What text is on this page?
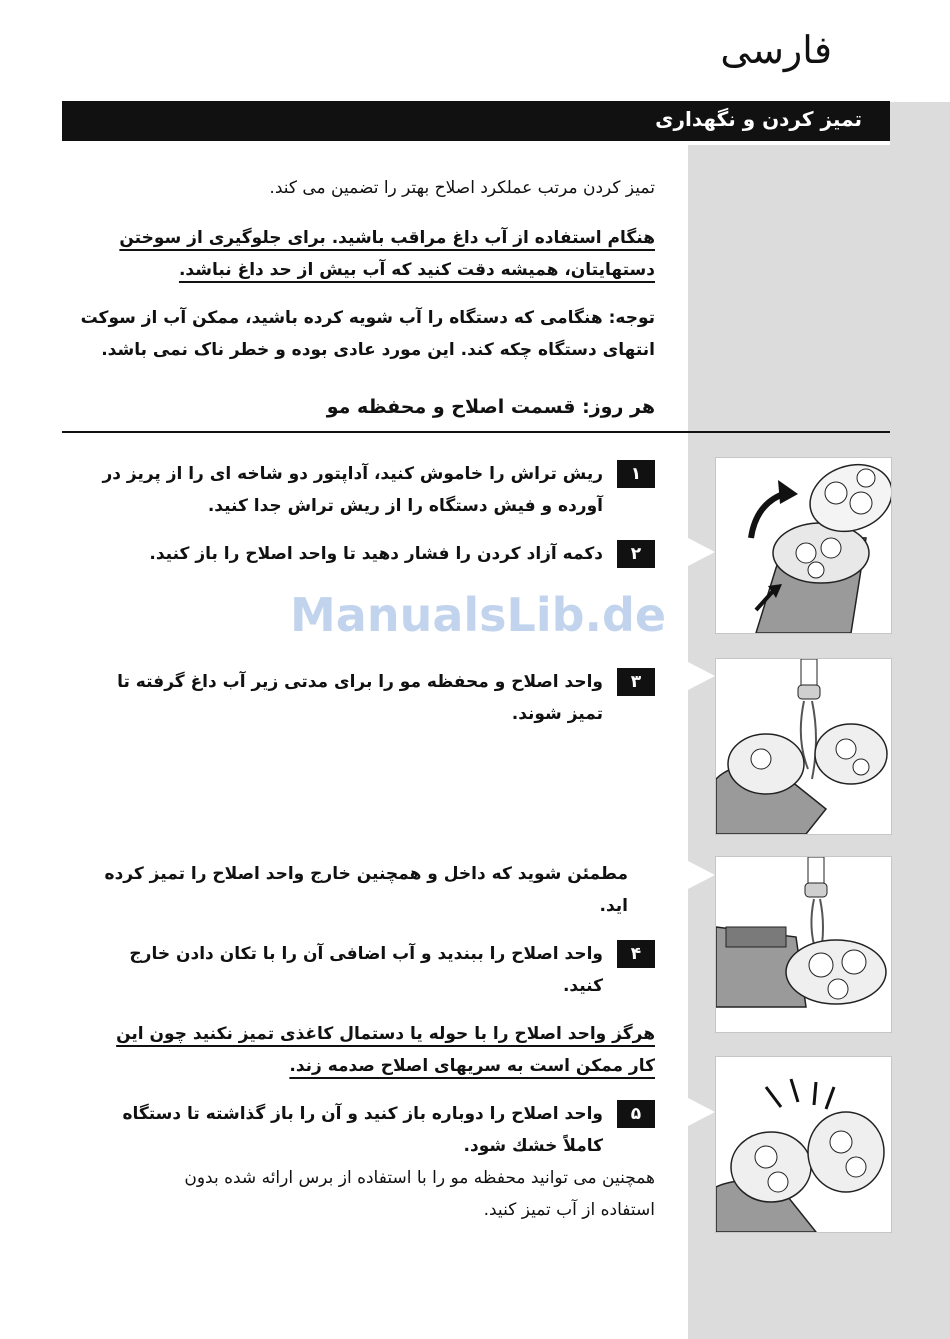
فارسی
تمیز کردن و نگهداری

تمیز کردن مرتب عملکرد اصلاح بهتر را تضمین می کند.

هنگام استفاده از آب داغ مراقب باشید. برای جلوگیری از سوختن

دستهایتان، همیشه دقت کنید که آب بیش از حد داغ نباشد.

توجه: هنگامی که دستگاه را آب شویه کرده باشید، ممکن آب از سوکت

انتهای دستگاه چکه کند. این مورد عادی بوده و خطر ناک نمی باشد.

هر روز: قسمت اصلاح و محفظه مو
۱
ریش تراش را خاموش کنید، آداپتور دو شاخه ای را از پریز در
آورده و فیش دستگاه را از ریش تراش جدا کنید.
۲
دکمه آزاد کردن را فشار دهید تا واحد اصلاح را باز کنید.
ManualsLib.de
۳
واحد اصلاح و محفظه مو را برای مدتی زیر آب داغ گرفته تا
تمیز شوند.

مطمئن شوید که داخل و همچنین خارج واحد اصلاح را تمیز کرده

اید.

۴
واحد اصلاح را ببندید و آب اضافی آن را با تکان دادن خارج
کنید.

هرگز واحد اصلاح را با حوله یا دستمال کاغذی تمیز نکنید چون این

کار ممکن است به سریهای اصلاح صدمه زند.

۵
واحد اصلاح را دوباره باز کنید و آن را باز گذاشته تا دستگاه
کاملاً خشك شود.

همچنین می توانید محفظه مو را با استفاده از برس ارائه شده بدون

استفاده از آب تمیز کنید.
